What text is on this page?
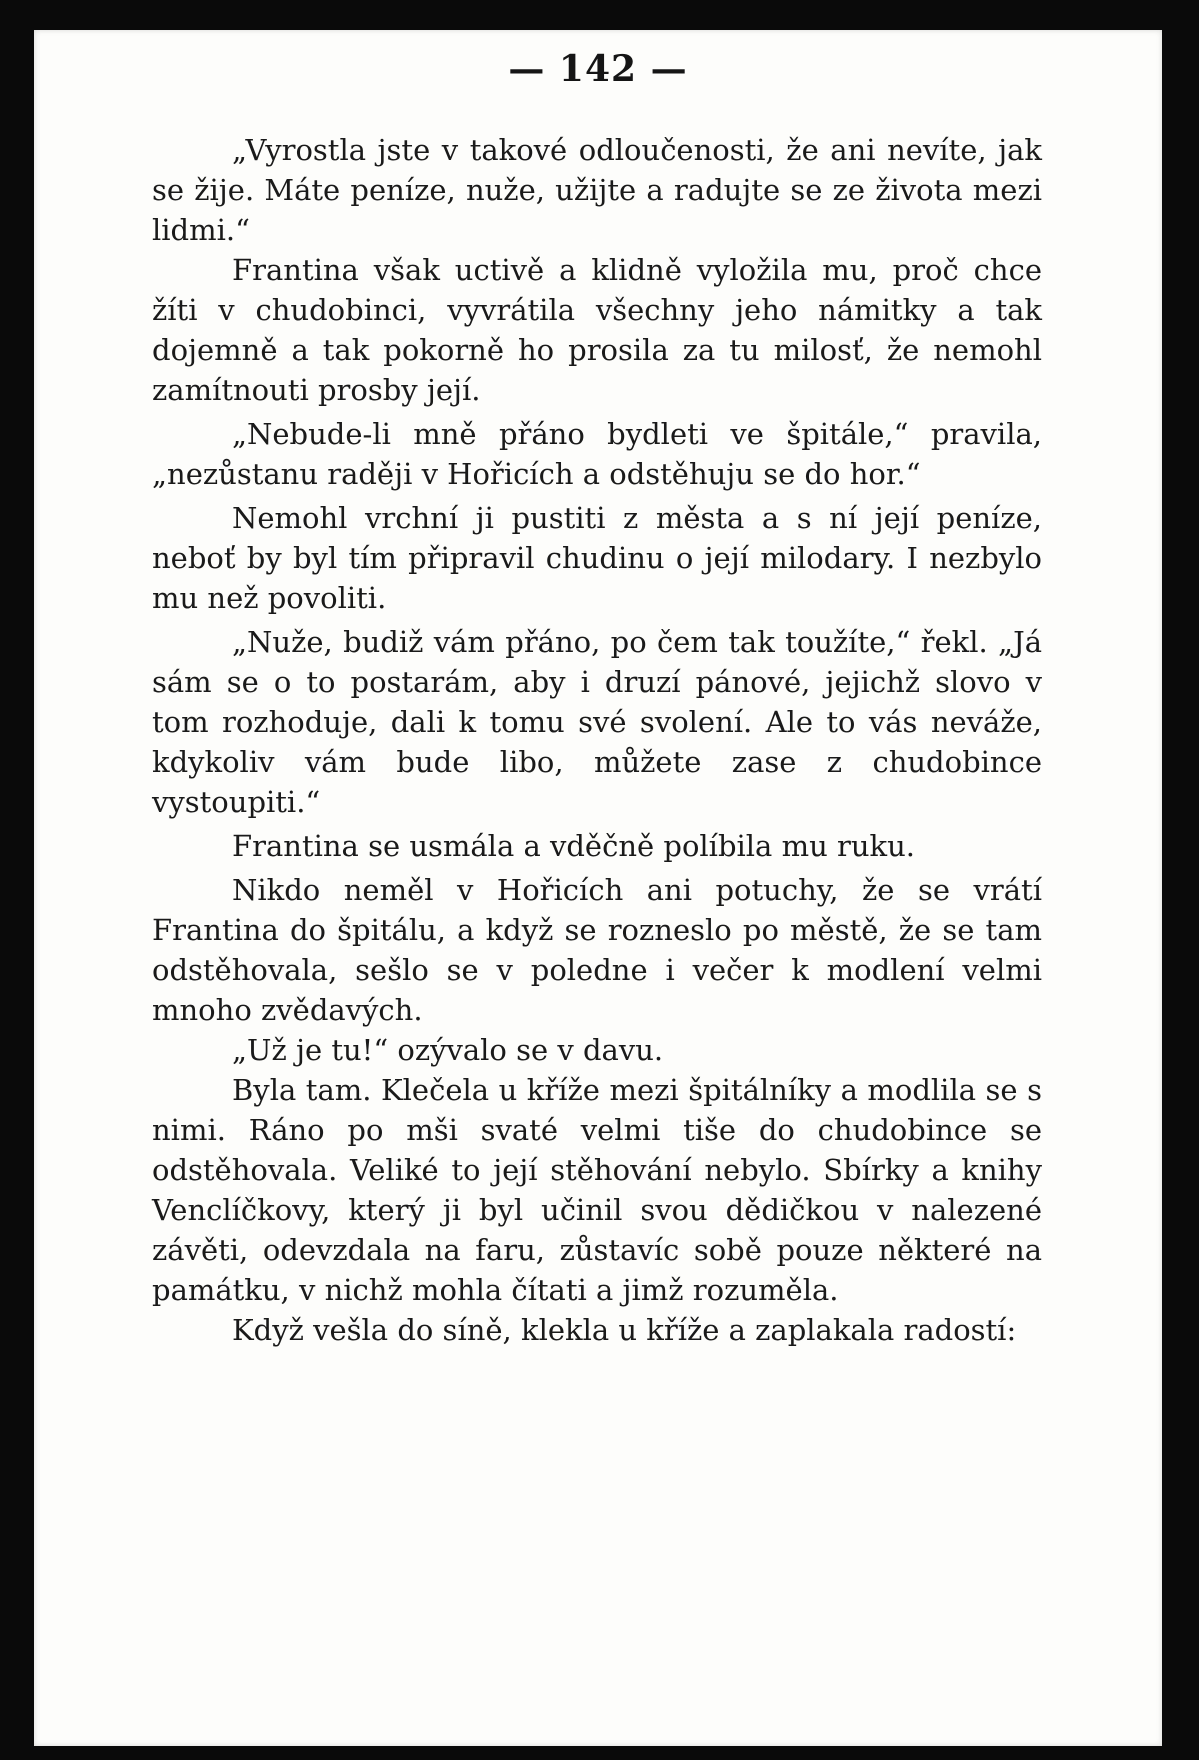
— 142 —

„Vyrostla jste v takové odloučenosti, že ani nevíte, jak se žije. Máte peníze, nuže, užijte a radujte se ze života mezi lidmi.“

Frantina však uctivě a klidně vyložila mu, proč chce žíti v chudobinci, vyvrátila všechny jeho námitky a tak dojemně a tak pokorně ho prosila za tu milosť, že nemohl zamítnouti prosby její.

„Nebude-li mně přáno bydleti ve špitále,“ pravila, „nezůstanu raději v Hořicích a odstěhuju se do hor.“

Nemohl vrchní ji pustiti z města a s ní její peníze, neboť by byl tím připravil chudinu o její milodary. I nezbylo mu než povoliti.

„Nuže, budiž vám přáno, po čem tak toužíte,“ řekl. „Já sám se o to postarám, aby i druzí pánové, jejichž slovo v tom rozhoduje, dali k tomu své svolení. Ale to vás neváže, kdykoliv vám bude libo, můžete zase z chudobince vystoupiti.“

Frantina se usmála a vděčně políbila mu ruku.

Nikdo neměl v Hořicích ani potuchy, že se vrátí Frantina do špitálu, a když se rozneslo po městě, že se tam odstěhovala, sešlo se v poledne i večer k modlení velmi mnoho zvědavých.

„Už je tu!“ ozývalo se v davu.

Byla tam. Klečela u kříže mezi špitálníky a modlila se s nimi. Ráno po mši svaté velmi tiše do chudobince se odstěhovala. Veliké to její stěhování nebylo. Sbírky a knihy Venclíčkovy, který ji byl učinil svou dědičkou v nalezené závěti, odevzdala na faru, zůstavíc sobě pouze některé na památku, v nichž mohla čítati a jimž rozuměla.

Když vešla do síně, klekla u kříže a zaplakala radostí:
